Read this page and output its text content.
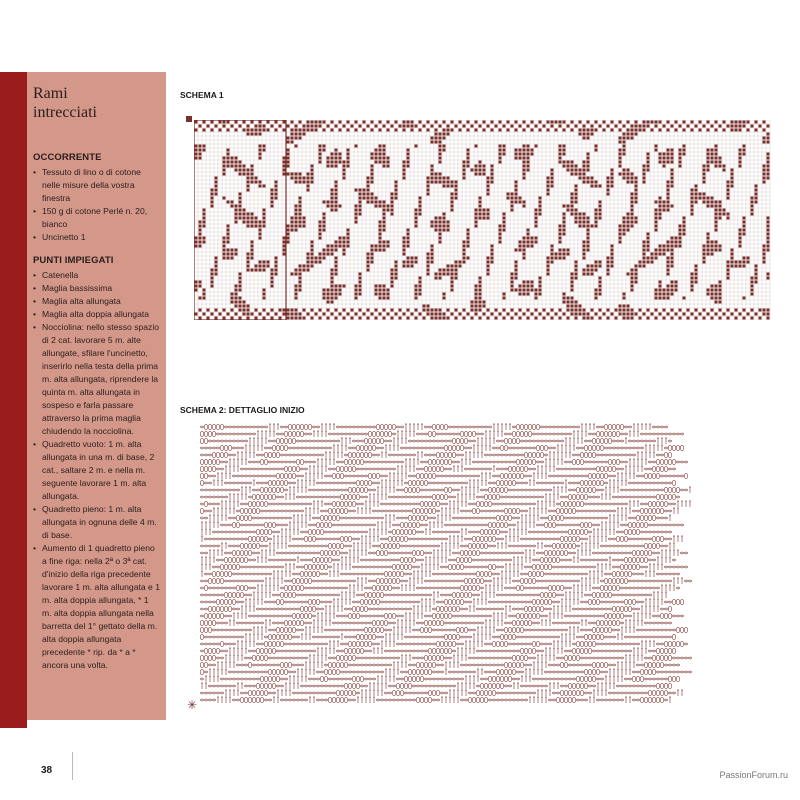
Rami
intrecciati
OCCORRENTE
• Tessuto di lino o di cotone nelle misure della vostra finestra
• 150 g di cotone Perlé n. 20, bianco
• Uncinetto 1
PUNTI IMPIEGATI
• Catenella
• Maglia bassissima
• Maglia alta allungata
• Maglia alta doppia allungata
• Nocciolina: nello stesso spazio di 2 cat. lavorare 5 m. alte allungate, sfilare l'uncinetto, inserirlo nella testa della prima m. alta allungata, riprendere la quinta m. alta allungata in sospeso e farla passare attraverso la prima maglia chiudendo la nocciolina.
• Quadretto vuoto: 1 m. alta allungata in una m. di base, 2 cat., saltare 2 m. e nella m. seguente lavorare 1 m. alta allungata.
• Quadretto pieno: 1 m. alta allungata in ognuna delle 4 m. di base.
• Aumento di 1 quadretto pieno a fine riga: nella 2ª o 3ª cat. d'inizio della riga precedente lavorare 1 m. alta allungata e 1 m. alta doppia allungata, * 1 m. alta doppia allungata nella barretta del 1° gettato della m. alta doppia allungata precedente * rip. da * a * ancora una volta.
SCHEMA 1
SCHEMA 2: DETTAGLIO INIZIO
✳
38	PassionForum.ru
